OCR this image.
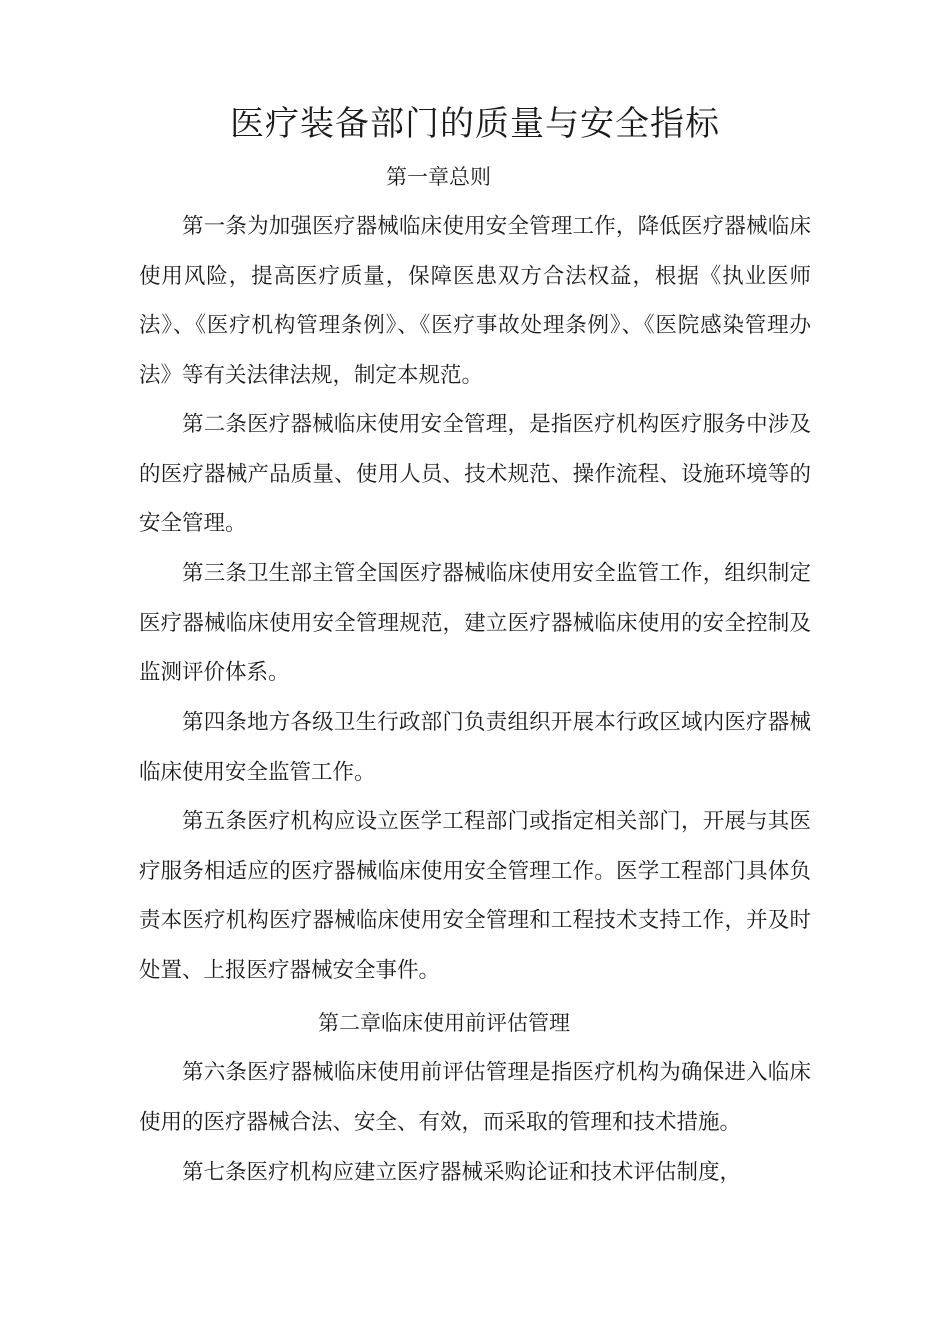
医疗装备部门的质量与安全指标
第一章总则

第一条为加强医疗器械临床使用安全管理工作，降低医疗器械临床使用风险，提高医疗质量，保障医患双方合法权益，根据《执业医师法》、《医疗机构管理条例》、《医疗事故处理条例》、《医院感染管理办法》等有关法律法规，制定本规范。

第二条医疗器械临床使用安全管理，是指医疗机构医疗服务中涉及的医疗器械产品质量、使用人员、技术规范、操作流程、设施环境等的安全管理。

第三条卫生部主管全国医疗器械临床使用安全监管工作，组织制定医疗器械临床使用安全管理规范，建立医疗器械临床使用的安全控制及监测评价体系。

第四条地方各级卫生行政部门负责组织开展本行政区域内医疗器械临床使用安全监管工作。

第五条医疗机构应设立医学工程部门或指定相关部门，开展与其医疗服务相适应的医疗器械临床使用安全管理工作。医学工程部门具体负责本医疗机构医疗器械临床使用安全管理和工程技术支持工作，并及时处置、上报医疗器械安全事件。

第二章临床使用前评估管理

第六条医疗器械临床使用前评估管理是指医疗机构为确保进入临床使用的医疗器械合法、安全、有效，而采取的管理和技术措施。

第七条医疗机构应建立医疗器械采购论证和技术评估制度，
